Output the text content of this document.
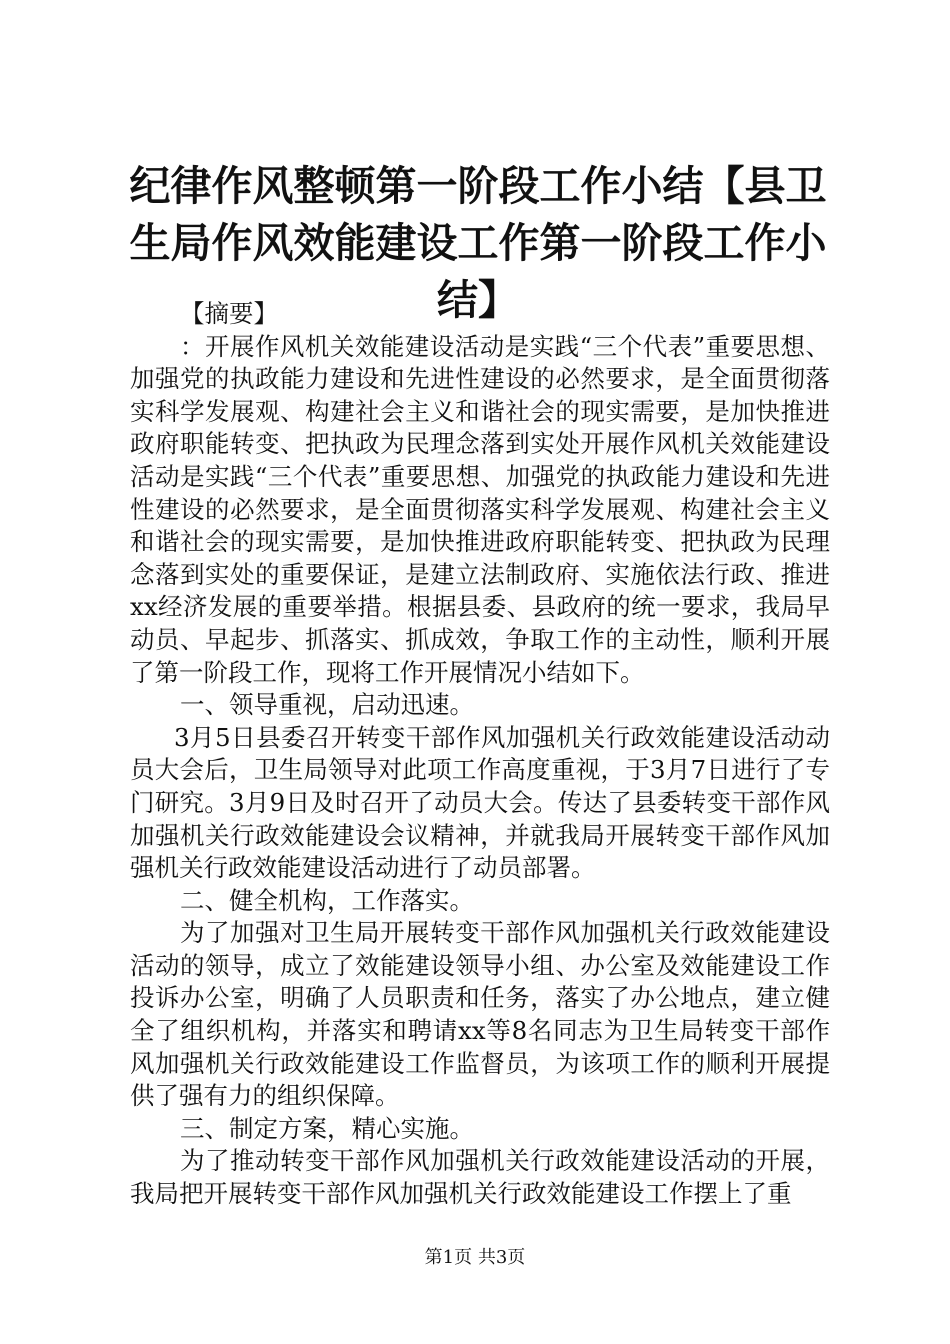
纪律作风整顿第一阶段工作小结【县卫生局作风效能建设工作第一阶段工作小结】

【摘要】

：开展作风机关效能建设活动是实践“三个代表”重要思想、加强党的执政能力建设和先进性建设的必然要求，是全面贯彻落实科学发展观、构建社会主义和谐社会的现实需要，是加快推进政府职能转变、把执政为民理念落到实处开展作风机关效能建设活动是实践“三个代表”重要思想、加强党的执政能力建设和先进性建设的必然要求，是全面贯彻落实科学发展观、构建社会主义和谐社会的现实需要，是加快推进政府职能转变、把执政为民理念落到实处的重要保证，是建立法制政府、实施依法行政、推进xx经济发展的重要举措。根据县委、县政府的统一要求，我局早动员、早起步、抓落实、抓成效，争取工作的主动性，顺利开展了第一阶段工作，现将工作开展情况小结如下。

一、领导重视，启动迅速。

3月5日县委召开转变干部作风加强机关行政效能建设活动动员大会后，卫生局领导对此项工作高度重视，于3月7日进行了专门研究。3月9日及时召开了动员大会。传达了县委转变干部作风加强机关行政效能建设会议精神，并就我局开展转变干部作风加强机关行政效能建设活动进行了动员部署。

二、健全机构，工作落实。

为了加强对卫生局开展转变干部作风加强机关行政效能建设活动的领导，成立了效能建设领导小组、办公室及效能建设工作投诉办公室，明确了人员职责和任务，落实了办公地点，建立健全了组织机构，并落实和聘请xx等8名同志为卫生局转变干部作风加强机关行政效能建设工作监督员，为该项工作的顺利开展提供了强有力的组织保障。

三、制定方案，精心实施。

为了推动转变干部作风加强机关行政效能建设活动的开展，我局把开展转变干部作风加强机关行政效能建设工作摆上了重

第1页 共3页
